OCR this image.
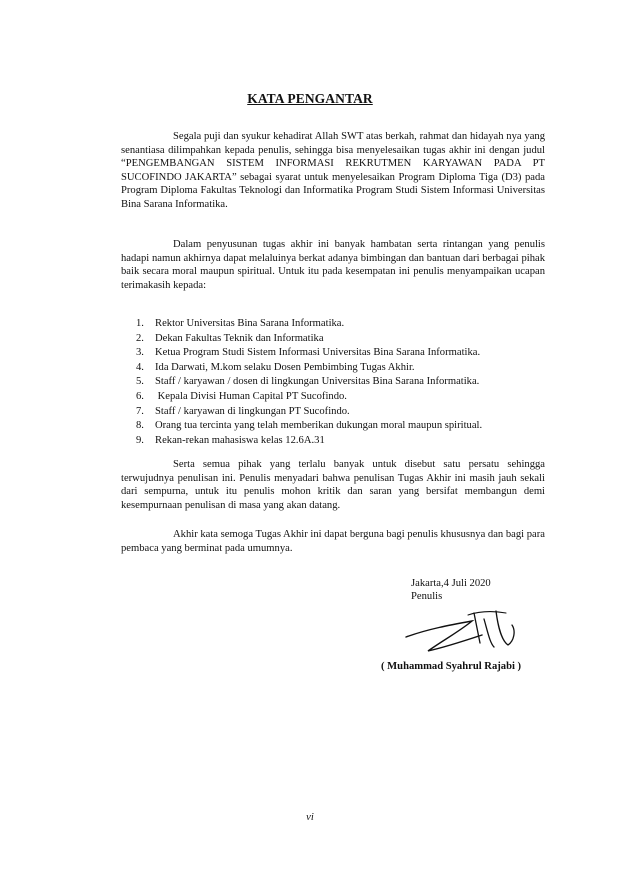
KATA PENGANTAR

Segala puji dan syukur kehadirat Allah SWT atas berkah, rahmat dan hidayah nya yang senantiasa dilimpahkan kepada penulis, sehingga bisa menyelesaikan tugas akhir ini dengan judul “PENGEMBANGAN SISTEM INFORMASI REKRUTMEN KARYAWAN PADA PT SUCOFINDO JAKARTA” sebagai syarat untuk menyelesaikan Program Diploma Tiga (D3) pada Program Diploma Fakultas Teknologi dan Informatika Program Studi Sistem Informasi Universitas Bina Sarana Informatika.

Dalam penyusunan tugas akhir ini banyak hambatan serta rintangan yang penulis hadapi namun akhirnya dapat melaluinya berkat adanya bimbingan dan bantuan dari berbagai pihak baik secara moral maupun spiritual. Untuk itu pada kesempatan ini penulis menyampaikan ucapan terimakasih kepada:

1. Rektor Universitas Bina Sarana Informatika.
2. Dekan Fakultas Teknik dan Informatika
3. Ketua Program Studi Sistem Informasi Universitas Bina Sarana Informatika.
4. Ida Darwati, M.kom selaku Dosen Pembimbing Tugas Akhir.
5. Staff / karyawan / dosen di lingkungan Universitas Bina Sarana Informatika.
6. Kepala Divisi Human Capital PT Sucofindo.
7. Staff / karyawan di lingkungan PT Sucofindo.
8. Orang tua tercinta yang telah memberikan dukungan moral maupun spiritual.
9. Rekan-rekan mahasiswa kelas 12.6A.31

Serta semua pihak yang terlalu banyak untuk disebut satu persatu sehingga terwujudnya penulisan ini. Penulis menyadari bahwa penulisan Tugas Akhir ini masih jauh sekali dari sempurna, untuk itu penulis mohon kritik dan saran yang bersifat membangun demi kesempurnaan penulisan di masa yang akan datang.

Akhir kata semoga Tugas Akhir ini dapat berguna bagi penulis khususnya dan bagi para pembaca yang berminat pada umumnya.

Jakarta,4 Juli 2020
Penulis
( Muhammad Syahrul Rajabi )
vi
